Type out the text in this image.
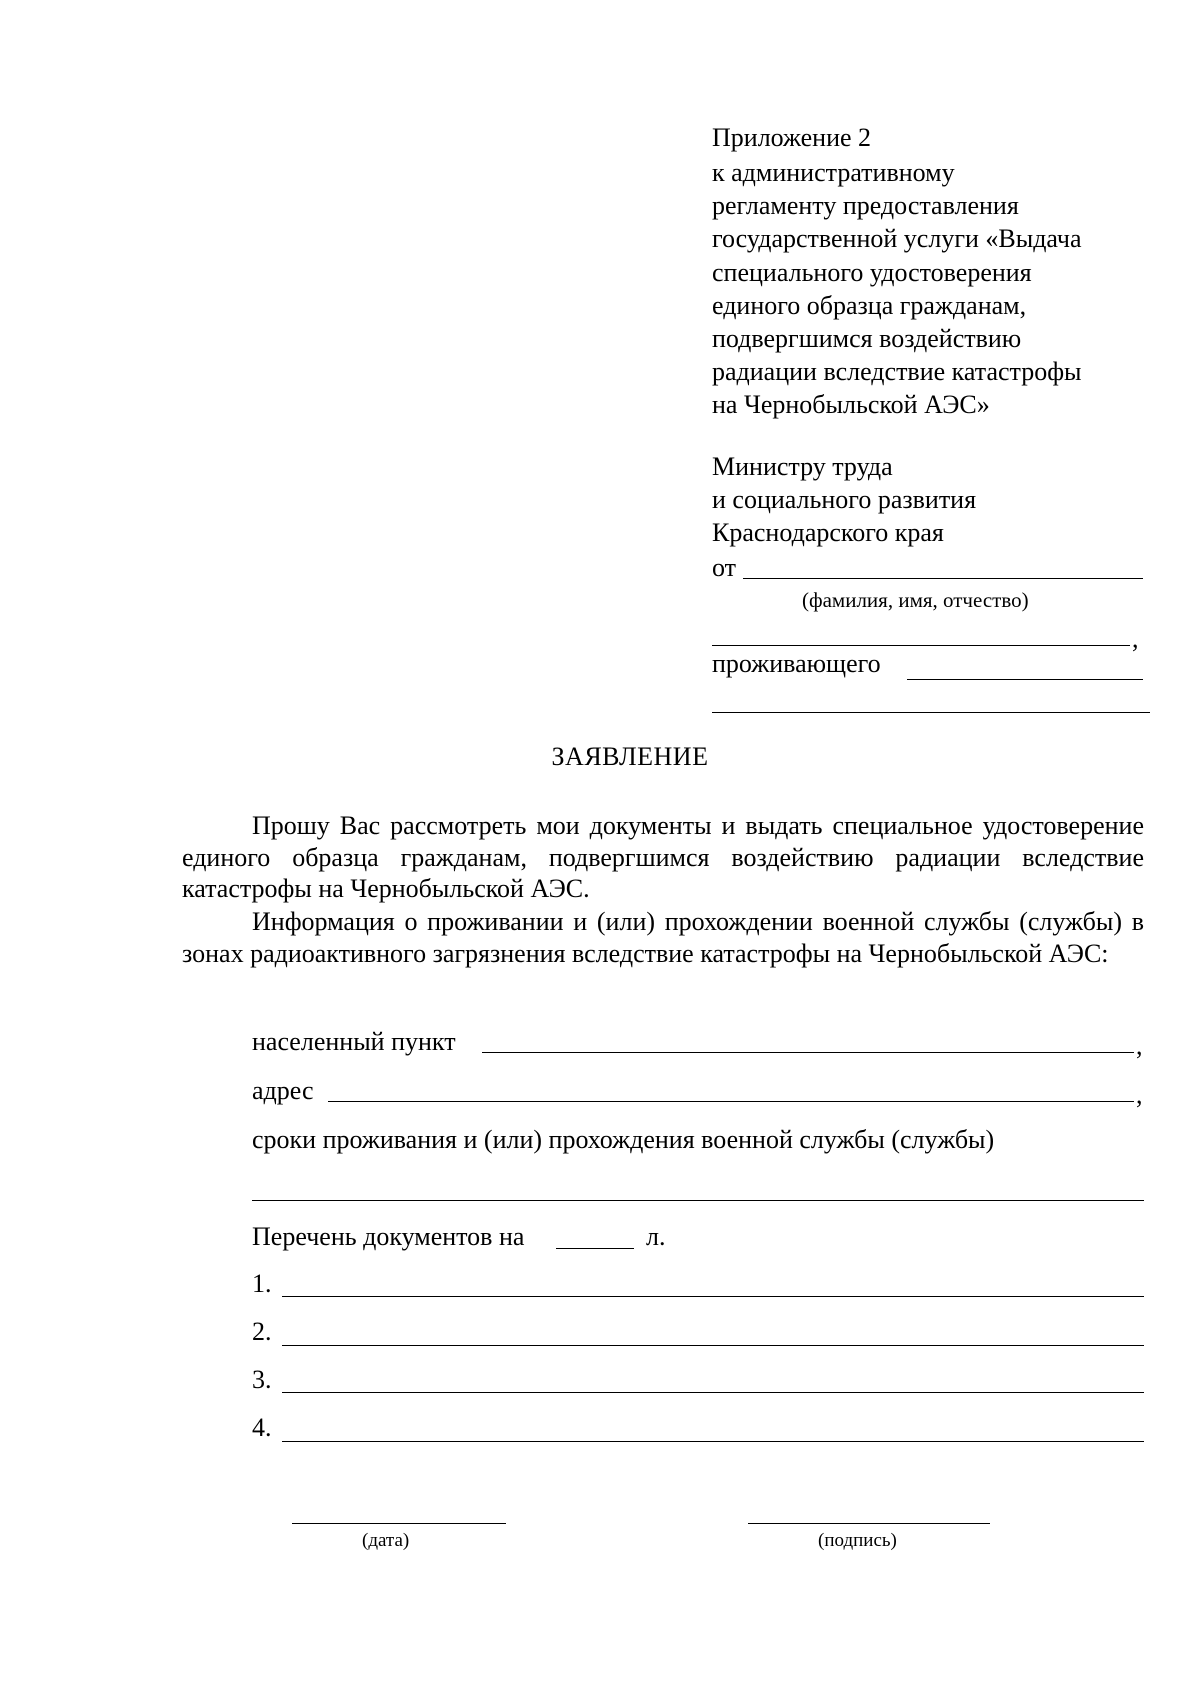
Приложение 2
к административному
регламенту предоставления
государственной услуги «Выдача
специального удостоверения
единого образца гражданам,
подвергшимся воздействию
радиации вследствие катастрофы
на Чернобыльской АЭС»
Министру труда
и социального развития
Краснодарского края
от
(фамилия, имя, отчество)
,
проживающего
ЗАЯВЛЕНИЕ
Прошу Вас рассмотреть мои документы и выдать специальное удостоверение единого образца гражданам, подвергшимся воздействию радиации вследствие катастрофы на Чернобыльской АЭС.
Информация о проживании и (или) прохождении военной службы (службы) в зонах радиоактивного загрязнения вследствие катастрофы на Чернобыльской АЭС:
населенный пункт	,
адрес	,
сроки проживания и (или) прохождения военной службы (службы)
Перечень документов на	л.
1.
2.
3.
4.
(дата)	(подпись)
